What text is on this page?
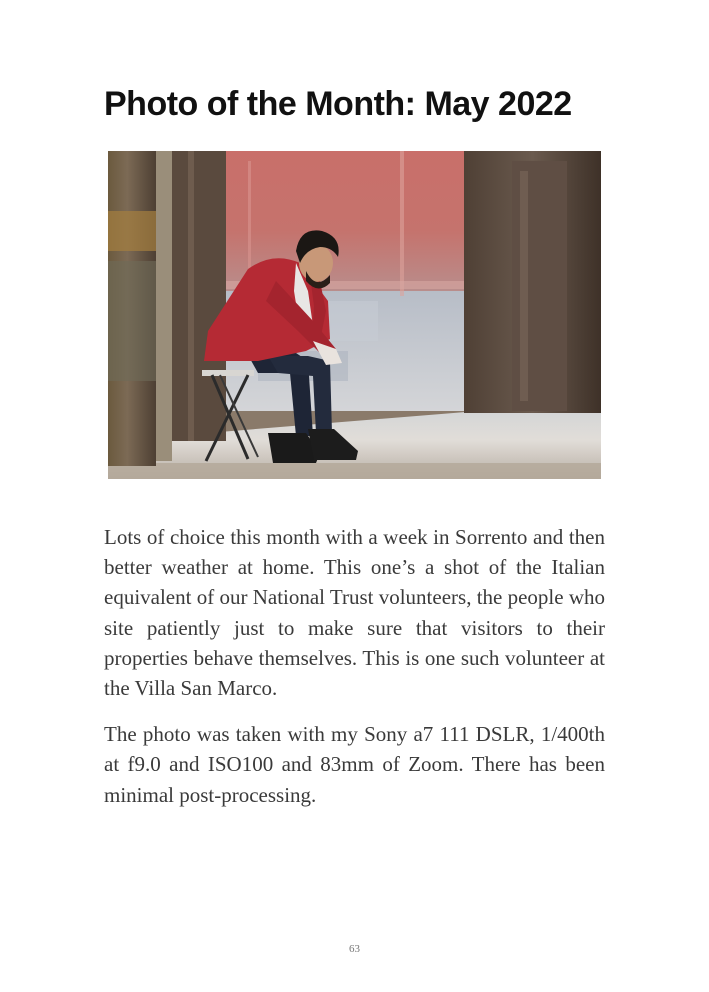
Photo of the Month: May 2022

Lots of choice this month with a week in Sorrento and then better weather at home. This one’s a shot of the Italian equivalent of our National Trust volunteers, the people who site patiently just to make sure that visitors to their properties behave themselves. This is one such volunteer at the Villa San Marco.

The photo was taken with my Sony a7 111 DSLR, 1/400th at f9.0 and ISO100 and 83mm of Zoom. There has been minimal post-processing.

63
